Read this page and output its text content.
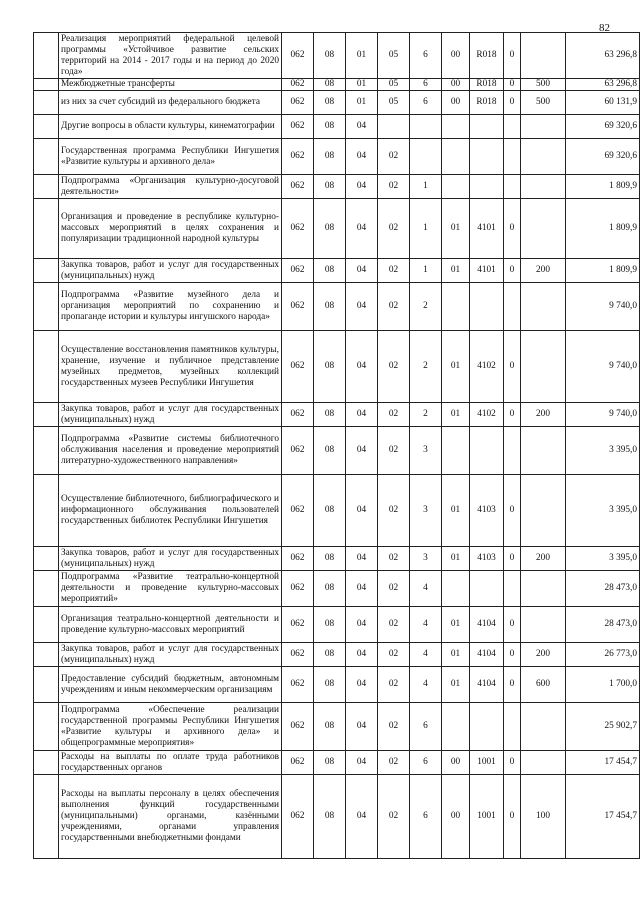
82
	Реализация мероприятий федеральной целевой программы «Устойчивое развитие сельских территорий на 2014 - 2017 годы и на период до 2020 года»	062	08	01	05	6	00	R018	0		63 296,8
	Межбюджетные трансферты	062	08	01	05	6	00	R018	0	500	63 296,8
	из них за счет субсидий из федерального бюджета	062	08	01	05	6	00	R018	0	500	60 131,9
	Другие вопросы в области культуры, кинематографии	062	08	04							69 320,6
	Государственная программа Республики Ингушетия «Развитие культуры и архивного дела»	062	08	04	02						69 320,6
	Подпрограмма «Организация культурно-досуговой деятельности»	062	08	04	02	1					1 809,9
	Организация и проведение в республике культурно-массовых мероприятий в целях сохранения и популяризации традиционной народной культуры	062	08	04	02	1	01	4101	0		1 809,9
	Закупка товаров, работ и услуг для государственных (муниципальных) нужд	062	08	04	02	1	01	4101	0	200	1 809,9
	Подпрограмма «Развитие музейного дела и организация мероприятий по сохранению и пропаганде истории и культуры ингушского народа»	062	08	04	02	2					9 740,0
	Осуществление восстановления памятников культуры, хранение, изучение и публичное представление музейных предметов, музейных коллекций государственных музеев Республики Ингушетия	062	08	04	02	2	01	4102	0		9 740,0
	Закупка товаров, работ и услуг для государственных (муниципальных) нужд	062	08	04	02	2	01	4102	0	200	9 740,0
	Подпрограмма «Развитие системы библиотечного обслуживания населения и проведение мероприятий литературно-художественного направления»	062	08	04	02	3					3 395,0
	Осуществление библиотечного, библиографического и информационного обслуживания пользователей государственных библиотек Республики Ингушетия	062	08	04	02	3	01	4103	0		3 395,0
	Закупка товаров, работ и услуг для государственных (муниципальных) нужд	062	08	04	02	3	01	4103	0	200	3 395,0
	Подпрограмма «Развитие театрально-концертной деятельности и проведение культурно-массовых мероприятий»	062	08	04	02	4					28 473,0
	Организация театрально-концертной деятельности и проведение культурно-массовых мероприятий	062	08	04	02	4	01	4104	0		28 473,0
	Закупка товаров, работ и услуг для государственных (муниципальных) нужд	062	08	04	02	4	01	4104	0	200	26 773,0
	Предоставление субсидий бюджетным, автономным учреждениям и иным некоммерческим организациям	062	08	04	02	4	01	4104	0	600	1 700,0
	Подпрограмма «Обеспечение реализации государственной программы Республики Ингушетия «Развитие культуры и архивного дела» и общепрограммные мероприятия»	062	08	04	02	6					25 902,7
	Расходы на выплаты по оплате труда работников государственных органов	062	08	04	02	6	00	1001	0		17 454,7
	Расходы на выплаты персоналу в целях обеспечения выполнения функций государственными (муниципальными) органами, казёнными учреждениями, органами управления государственными внебюджетными фондами	062	08	04	02	6	00	1001	0	100	17 454,7
